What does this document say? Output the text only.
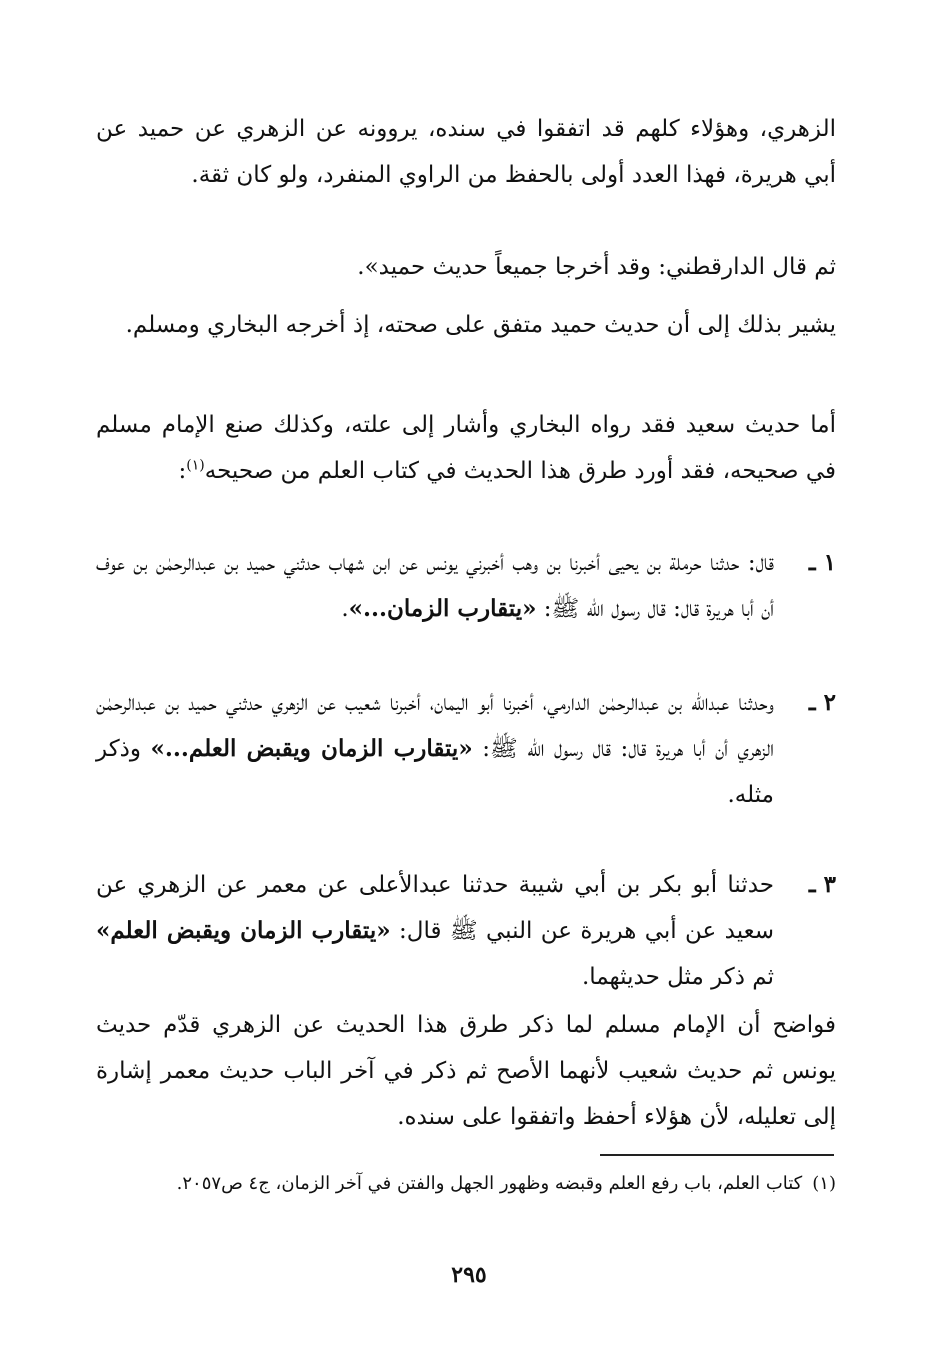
الزهري، وهؤلاء كلهم قد اتفقوا في سنده، يروونه عن الزهري عن حميد عن أبي هريرة، فهذا العدد أولى بالحفظ من الراوي المنفرد، ولو كان ثقة.

ثم قال الدارقطني: وقد أخرجا جميعاً حديث حميد».

يشير بذلك إلى أن حديث حميد متفق على صحته، إذ أخرجه البخاري ومسلم.

أما حديث سعيد فقد رواه البخاري وأشار إلى علته، وكذلك صنع الإمام مسلم في صحيحه، فقد أورد طرق هذا الحديث في كتاب العلم من صحيحه$^{(١)}$:

١ ـ
قال: حدثنا حرملة بن يحيى أخبرنا بن وهب أخبرني يونس عن ابن شهاب حدثني حميد بن عبدالرحمٰن بن عوف أن أبا هريرة قال: قال رسول الله ﷺ: «يتقارب الزمان...».
٢ ـ
وحدثنا عبدالله بن عبدالرحمٰن الدارمي، أخبرنا أبو اليمان، أخبرنا شعيب عن الزهري حدثني حميد بن عبدالرحمٰن الزهري أن أبا هريرة قال: قال رسول الله ﷺ: «يتقارب الزمان ويقبض العلم...» وذكر مثله.
٣ ـ
حدثنا أبو بكر بن أبي شيبة حدثنا عبدالأعلى عن معمر عن الزهري عن سعيد عن أبي هريرة عن النبي ﷺ قال: «يتقارب الزمان ويقبض العلم» ثم ذكر مثل حديثهما.

فواضح أن الإمام مسلم لما ذكر طرق هذا الحديث عن الزهري قدّم حديث يونس ثم حديث شعيب لأنهما الأصح ثم ذكر في آخر الباب حديث معمر إشارة إلى تعليله، لأن هؤلاء أحفظ واتفقوا على سنده.

(١)كتاب العلم، باب رفع العلم وقبضه وظهور الجهل والفتن في آخر الزمان، ج٤ ص٢٠٥٧.
٢٩٥
